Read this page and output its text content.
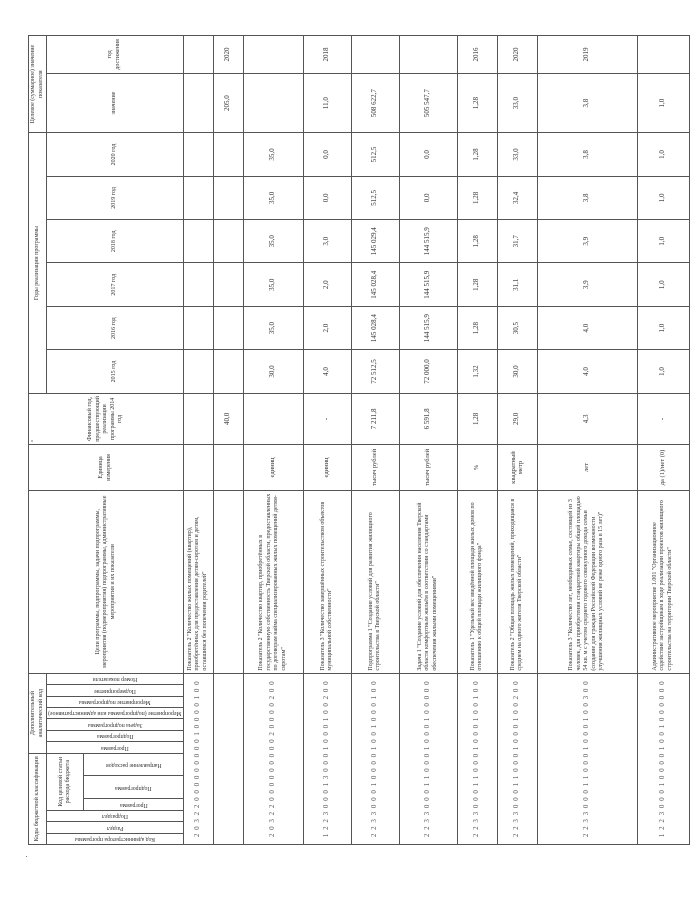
Коды бюджетной классификации						Дополнительный аналитический код							Цели программы, подпрограммы, задачи подпрограммы, мероприятия (подмероприятия) подпрограммы, административные мероприятия и их показатели	Единица измерения	Финансовый год, предшествующий реализации программы 2014 год	Годы реализации программы						Целевое (суммарное) значение показателя	

Код администратора программы	Раздел	Подраздел	Код целевой статьи расхода бюджета			Программа	Подпрограмма	Задача подпрограммы	Мероприятие (подпрограммы или административное)	Мероприятие подпрограммы	Подмероприятие	Номер показателя				2015 год	2016 год	2017 год	2018 год	2019 год	2020 год	значение	год достижения

			Программа	Подпрограмма	Направление расходов																		

2 0 3 2 2 0 0 0 0 0 0 0 0 0 1 0 0 0 0 1 0 0													Показатель 2 "Количество жилых помещений (квартир), приобретённых для предоставления детям-сиротам и детям, оставшимся без попечения родителей"										
															40,0							205,0	2020
2 0 3 2 2 0 0 0 0 0 0 0 0 0 2 0 0 0 0 2 0 0													Показатель 2 "Количество квартир, приобретённых в государственную собственность Тверской области, предоставленных по договорам найма специализированных жилых помещений детям-сиротам"	единиц		30,0	35,0	35,0	35,0	35,0	35,0		
1 2 2 3 0 0 0 1 3 0 0 0 1 0 0 0 1 0 0 2 0 0													Показатель 3 "Количество завершённых строительством объектов муниципальной собственности"	единиц	-	4,0	2,0	2,0	3,0	0,0	0,0	11,0	2018
2 2 3 3 0 0 0 1 0 0 0 0 1 0 0 1 0 0 0 1 0 0													Подпрограмма 1 "Создание условий для развития жилищного строительства в Тверской области"	тысяч рублей	7 211,8	72 512,5	145 028,4	145 028,4	145 029,4	512,5	512,5	508 622,7	
2 2 3 3 0 0 0 1 1 0 0 0 1 0 0 0 1 0 0 0 0 0													Задача 1 "Создание условий для обеспечения населения Тверской области комфортным жильём в соответствии со стандартами обеспечения жилыми помещениями"	тысяч рублей	6 591,8	72 000,0	144 515,9	144 515,9	144 515,9	0,0	0,0	505 547,7	
2 2 3 3 0 0 0 1 1 0 0 0 1 0 0 0 1 0 0 1 0 0													Показатель 1 "Удельный вес введённой площади жилых домов по отношению к общей площади жилищного фонда"	%	1,28	1,32	1,28	1,28	1,28	1,28	1,28	1,28	2016
2 2 3 3 0 0 0 1 1 0 0 0 1 0 0 0 1 0 0 2 0 0													Показатель 2 "Общая площадь жилых помещений, приходящаяся в среднем на одного жителя Тверской области"	квадратный метр	29,0	30,0	30,5	31,1	31,7	32,4	33,0	33,0	2020
2 2 3 3 0 0 0 1 1 0 0 0 1 0 0 0 1 0 0 3 0 0													Показатель 3 "Количество лет, необходимых семье, состоящей из 3 человек, для приобретения стандартной квартиры общей площадью 54 кв. м с учетом среднего годового совокупного дохода семьи (создание для граждан Российской Федерации возможности улучшения жилищных условий не реже одного раза в 15 лет)"	лет	4,3	4,0	4,0	3,9	3,9	3,8	3,8	3,8	2019
1 2 2 3 0 0 0 1 0 0 0 0 1 0 0 1 0 0 0 0 0 0													Административное мероприятие 1.001 "Организационное содействие застройщикам в ходе реализации проектов жилищного строительства на территории Тверской области"	да (1)/нет (0)	-	1,0	1,0	1,0	1,0	1,0	1,0	1,0	
